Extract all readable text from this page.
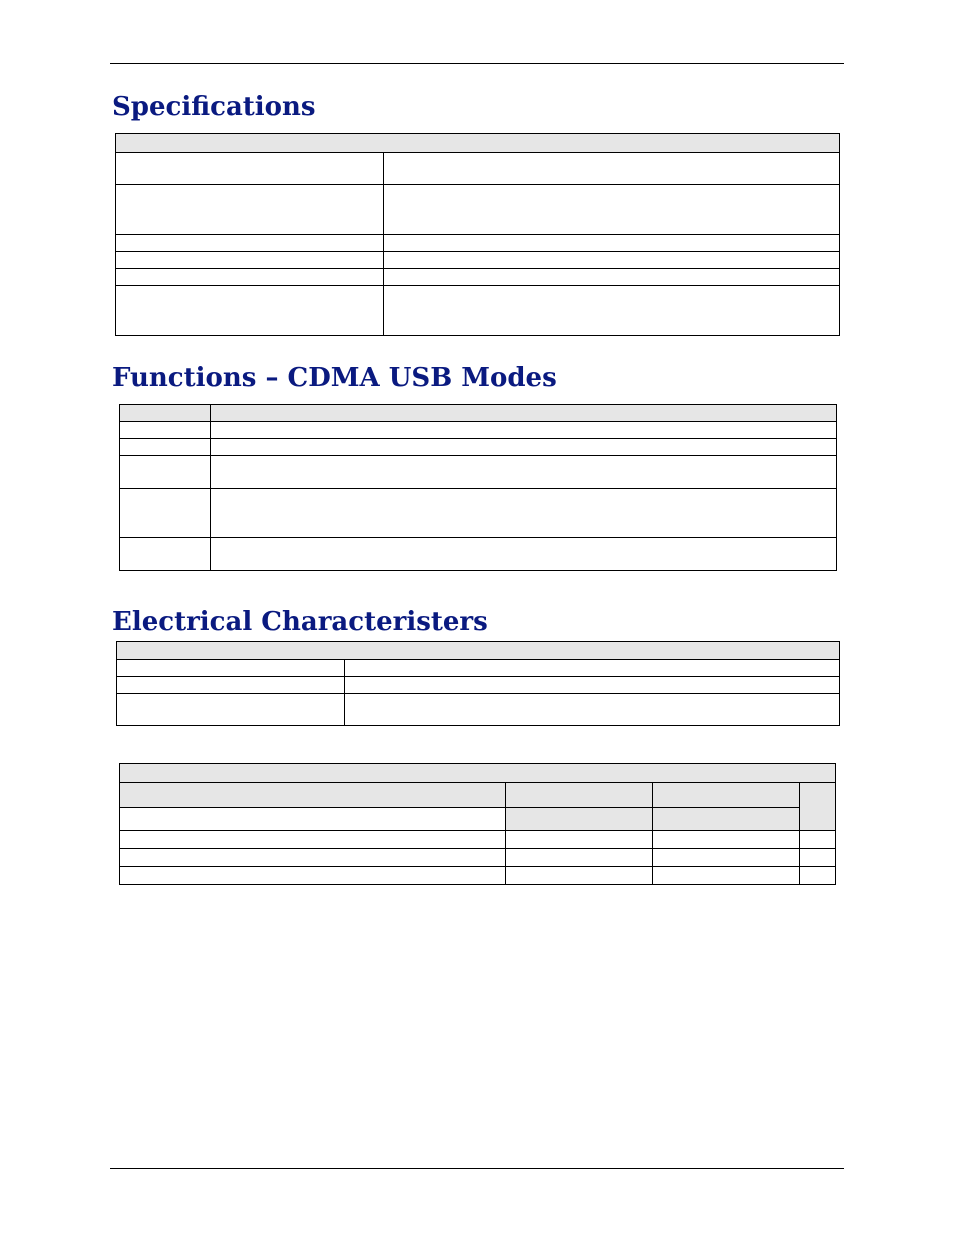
Specifications

Functions – CDMA USB Modes

Electrical Characteristers
